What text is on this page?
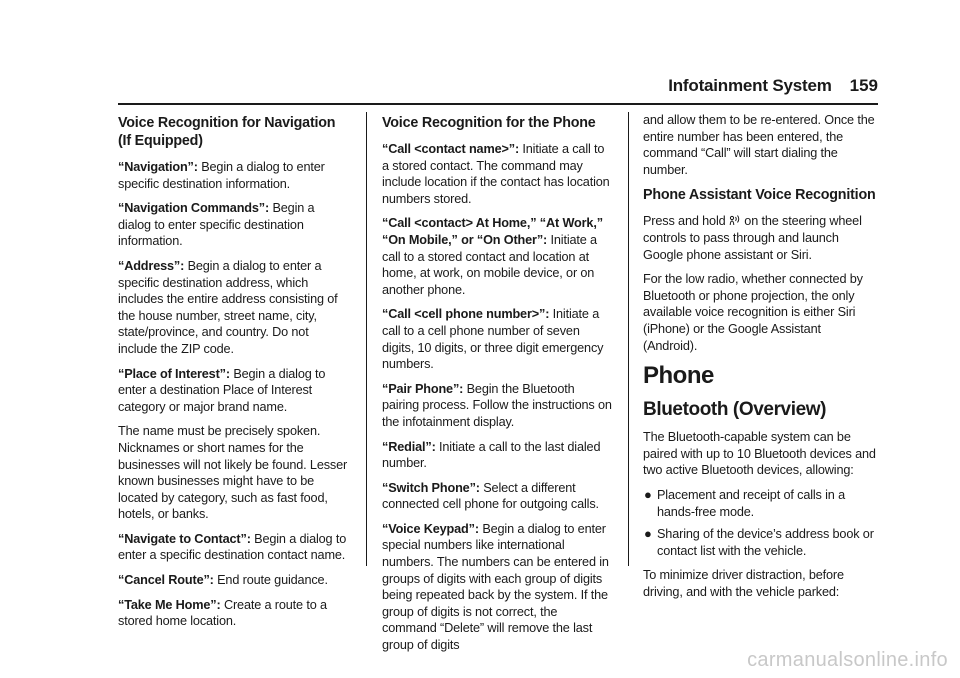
Infotainment System 159
Voice Recognition for Navigation (If Equipped)

“Navigation”: Begin a dialog to enter specific destination information.

“Navigation Commands”: Begin a dialog to enter specific destination information.

“Address”: Begin a dialog to enter a specific destination address, which includes the entire address consisting of the house number, street name, city, state/province, and country. Do not include the ZIP code.

“Place of Interest”: Begin a dialog to enter a destination Place of Interest category or major brand name.

The name must be precisely spoken. Nicknames or short names for the businesses will not likely be found. Lesser known businesses might have to be located by category, such as fast food, hotels, or banks.

“Navigate to Contact”: Begin a dialog to enter a specific destination contact name.

“Cancel Route”: End route guidance.

“Take Me Home”: Create a route to a stored home location.

Voice Recognition for the Phone

“Call <contact name>”: Initiate a call to a stored contact. The command may include location if the contact has location numbers stored.

“Call <contact> At Home,” “At Work,” “On Mobile,” or “On Other”: Initiate a call to a stored contact and location at home, at work, on mobile device, or on another phone.

“Call <cell phone number>”: Initiate a call to a cell phone number of seven digits, 10 digits, or three digit emergency numbers.

“Pair Phone”: Begin the Bluetooth pairing process. Follow the instructions on the infotainment display.

“Redial”: Initiate a call to the last dialed number.

“Switch Phone”: Select a different connected cell phone for outgoing calls.

“Voice Keypad”: Begin a dialog to enter special numbers like international numbers. The numbers can be entered in groups of digits with each group of digits being repeated back by the system. If the group of digits is not correct, the command “Delete” will remove the last group of digits

and allow them to be re-entered. Once the entire number has been entered, the command “Call” will start dialing the number.

Phone Assistant Voice Recognition

Press and hold on the steering wheel controls to pass through and launch Google phone assistant or Siri.

For the low radio, whether connected by Bluetooth or phone projection, the only available voice recognition is either Siri (iPhone) or the Google Assistant (Android).

Phone
Bluetooth (Overview)

The Bluetooth-capable system can be paired with up to 10 Bluetooth devices and two active Bluetooth devices, allowing:

● Placement and receipt of calls in a hands-free mode.
● Sharing of the device’s address book or contact list with the vehicle.

To minimize driver distraction, before driving, and with the vehicle parked:

carmanualsonline.info
